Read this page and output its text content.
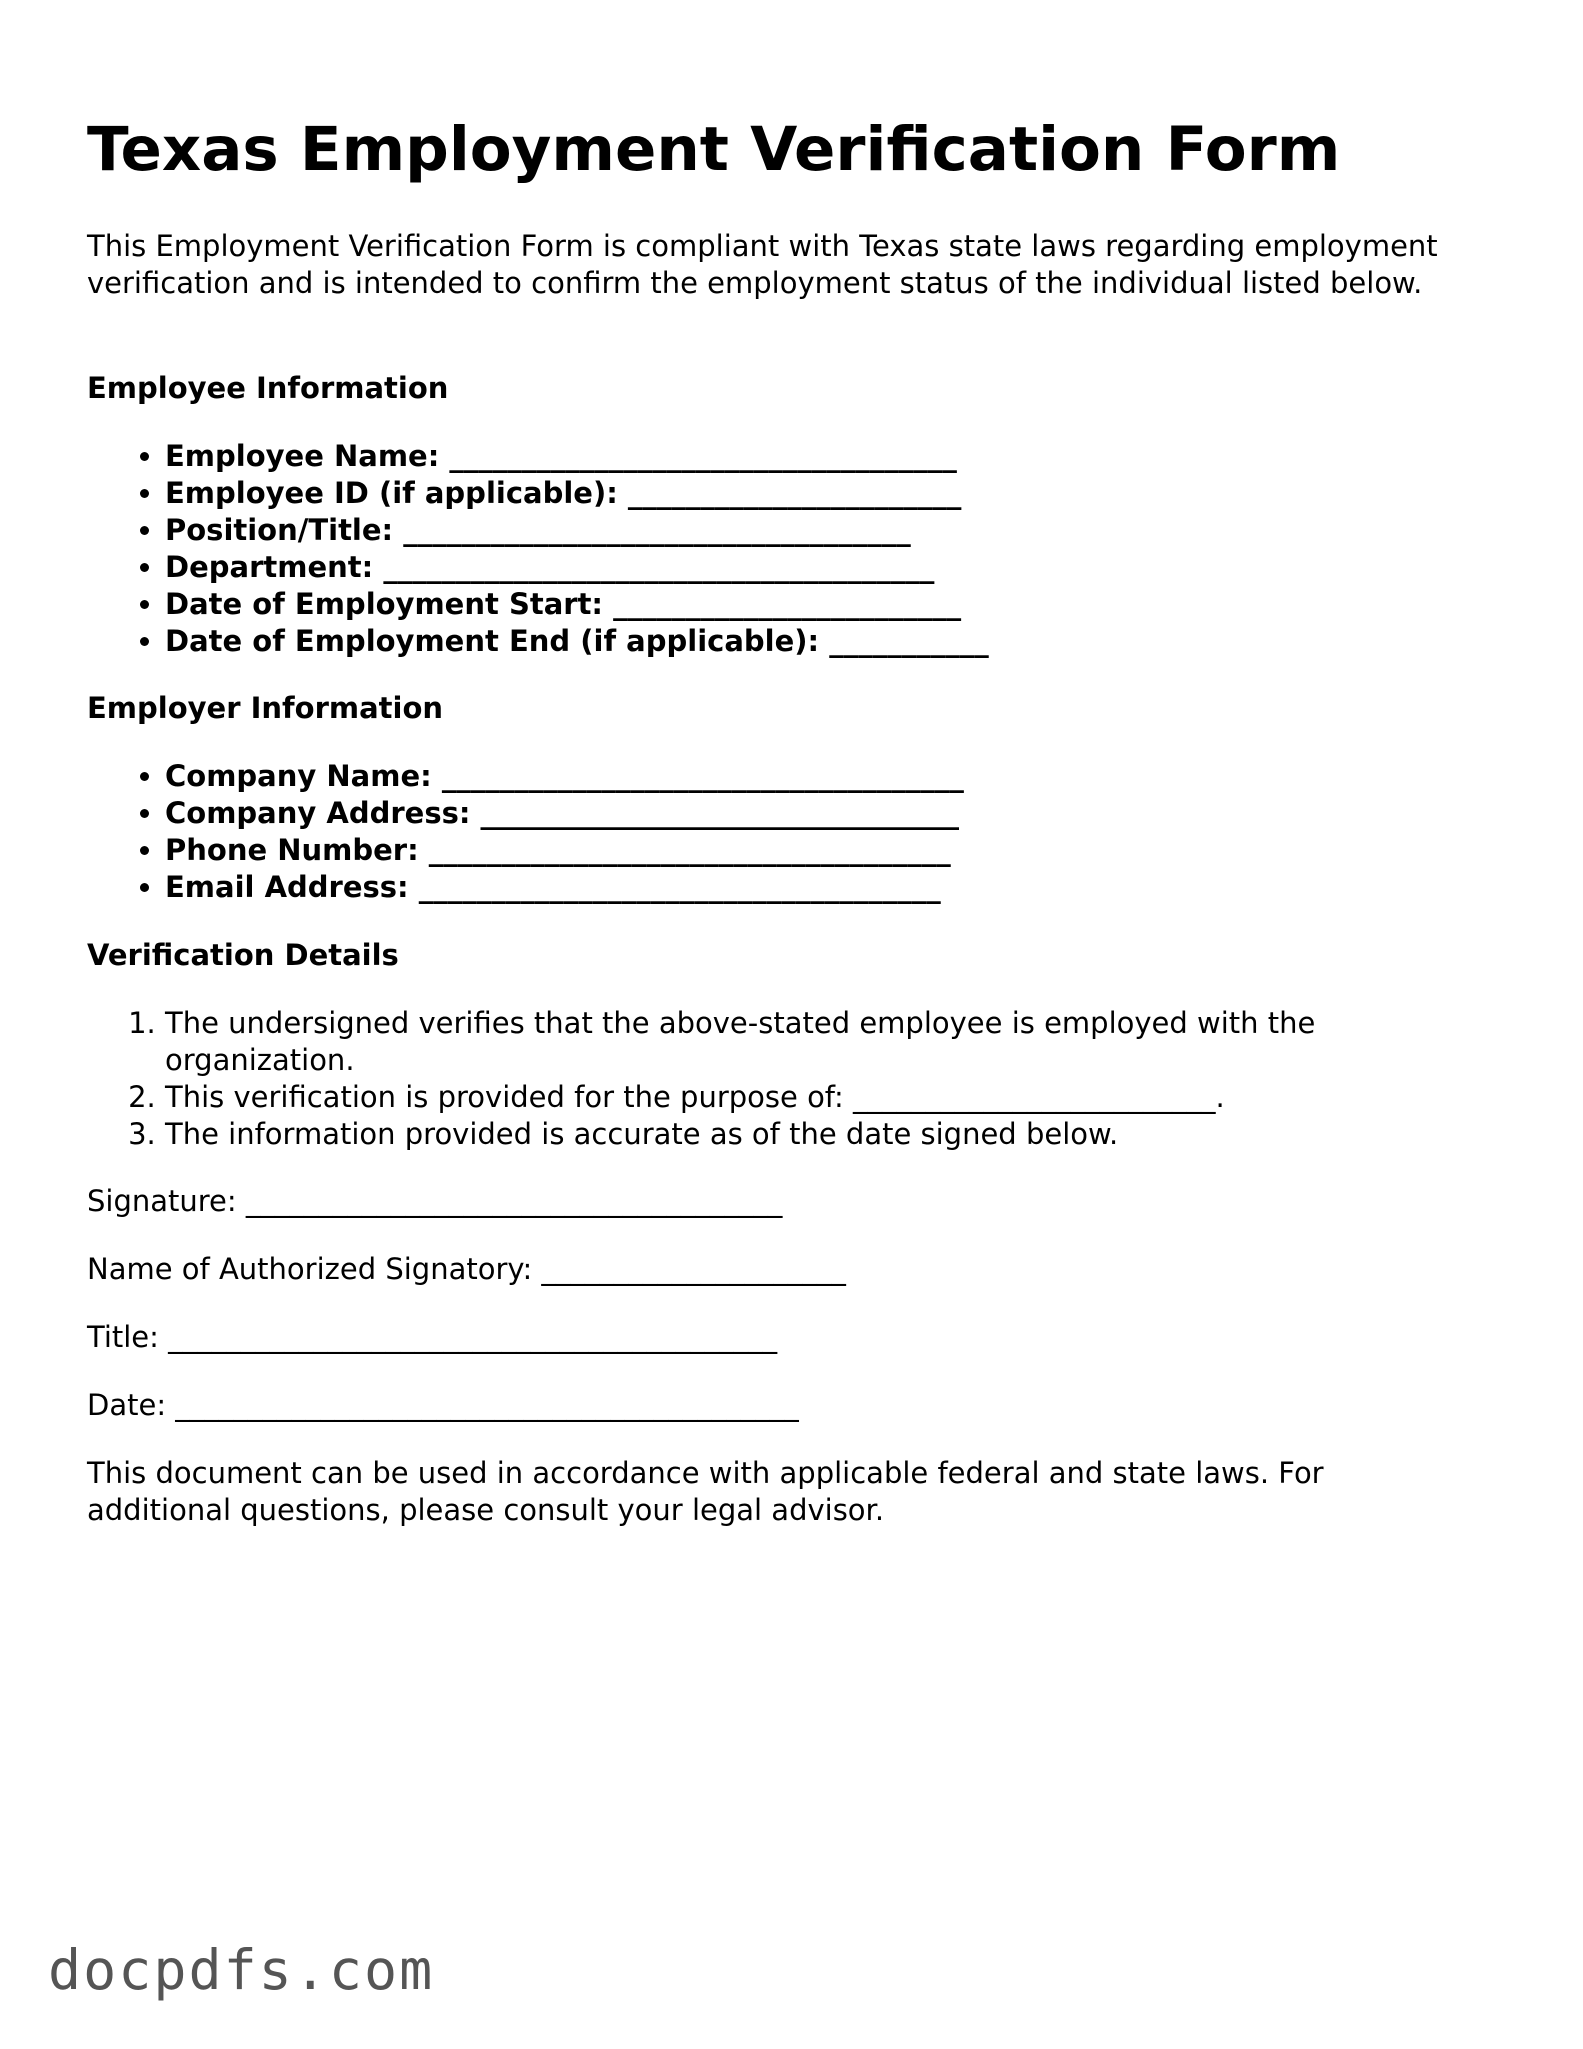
Texas Employment Verification Form

This Employment Verification Form is compliant with Texas state laws regarding employment verification and is intended to confirm the employment status of the individual listed below.

Employee Information
• Employee Name: ___________________________________
• Employee ID (if applicable): _______________________
• Position/Title: ___________________________________
• Department: ______________________________________
• Date of Employment Start: ________________________
• Date of Employment End (if applicable): ___________
Employer Information
• Company Name: ____________________________________
• Company Address: _________________________________
• Phone Number: ____________________________________
• Email Address: ____________________________________
Verification Details
1. The undersigned verifies that the above-stated employee is employed with the organization.
2. This verification is provided for the purpose of: _________________________.
3. The information provided is accurate as of the date signed below.

Signature: _____________________________________

Name of Authorized Signatory: _____________________

Title: __________________________________________

Date: ___________________________________________

This document can be used in accordance with applicable federal and state laws. For additional questions, please consult your legal advisor.

docpdfs.com
